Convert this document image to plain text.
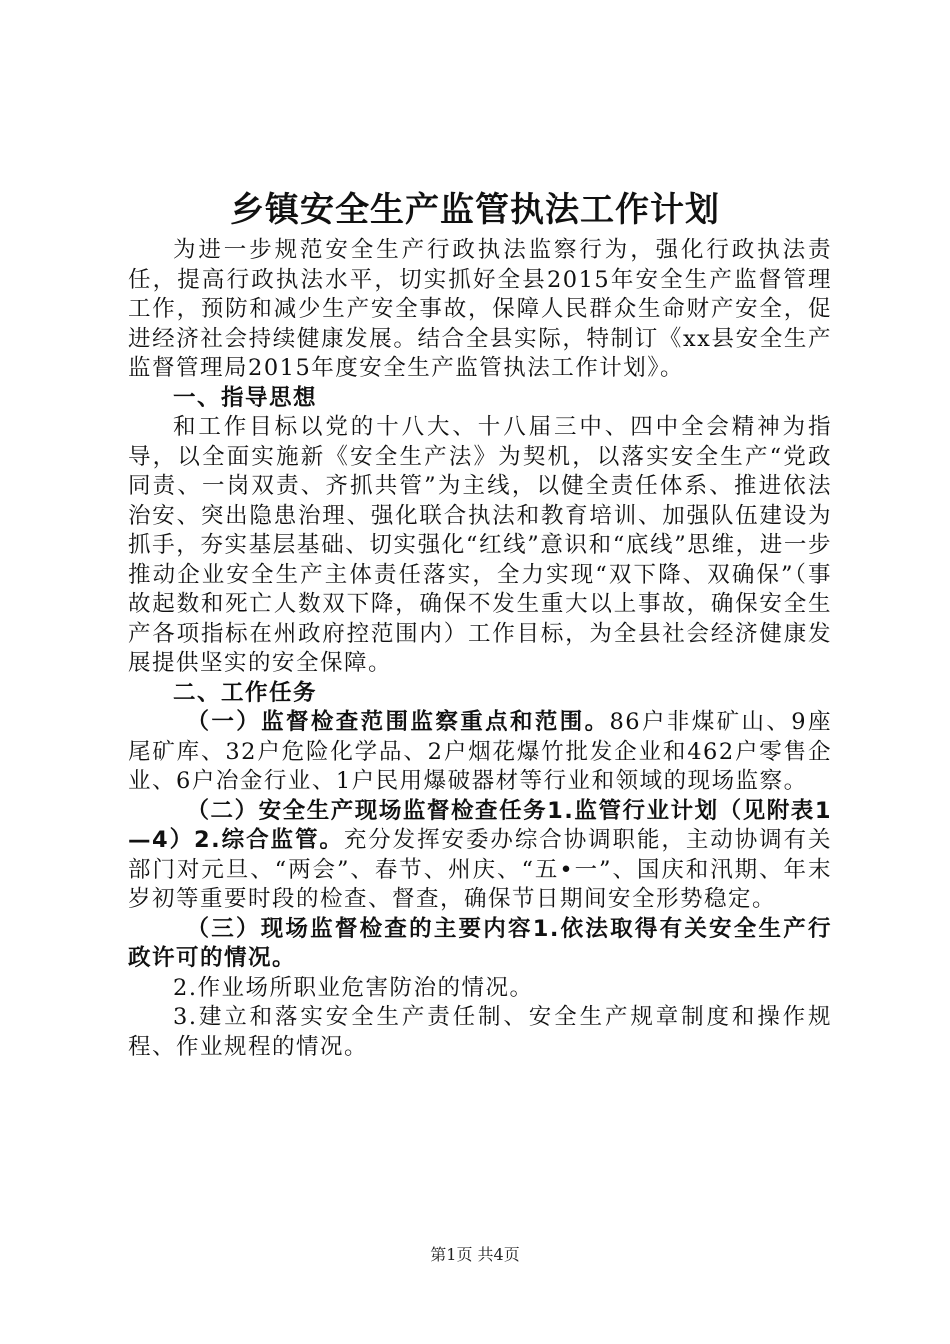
乡镇安全生产监管执法工作计划

为进一步规范安全生产行政执法监察行为，强化行政执法责任，提高行政执法水平，切实抓好全县2015年安全生产监督管理工作，预防和减少生产安全事故，保障人民群众生命财产安全，促进经济社会持续健康发展。结合全县实际，特制订《xx县安全生产监督管理局2015年度安全生产监管执法工作计划》。

一、指导思想

和工作目标以党的十八大、十八届三中、四中全会精神为指导，以全面实施新《安全生产法》为契机，以落实安全生产“党政同责、一岗双责、齐抓共管”为主线，以健全责任体系、推进依法治安、突出隐患治理、强化联合执法和教育培训、加强队伍建设为抓手，夯实基层基础、切实强化“红线”意识和“底线”思维，进一步推动企业安全生产主体责任落实，全力实现“双下降、双确保”（事故起数和死亡人数双下降，确保不发生重大以上事故，确保安全生产各项指标在州政府控范围内）工作目标，为全县社会经济健康发展提供坚实的安全保障。

二、工作任务

（一）监督检查范围监察重点和范围。86户非煤矿山、9座尾矿库、32户危险化学品、2户烟花爆竹批发企业和462户零售企业、6户冶金行业、1户民用爆破器材等行业和领域的现场监察。

（二）安全生产现场监督检查任务1.监管行业计划（见附表1—4）2.综合监管。充分发挥安委办综合协调职能，主动协调有关部门对元旦、“两会”、春节、州庆、“五•一”、国庆和汛期、年末岁初等重要时段的检查、督查，确保节日期间安全形势稳定。

（三）现场监督检查的主要内容1.依法取得有关安全生产行政许可的情况。

2.作业场所职业危害防治的情况。

3.建立和落实安全生产责任制、安全生产规章制度和操作规程、作业规程的情况。

第1页 共4页
